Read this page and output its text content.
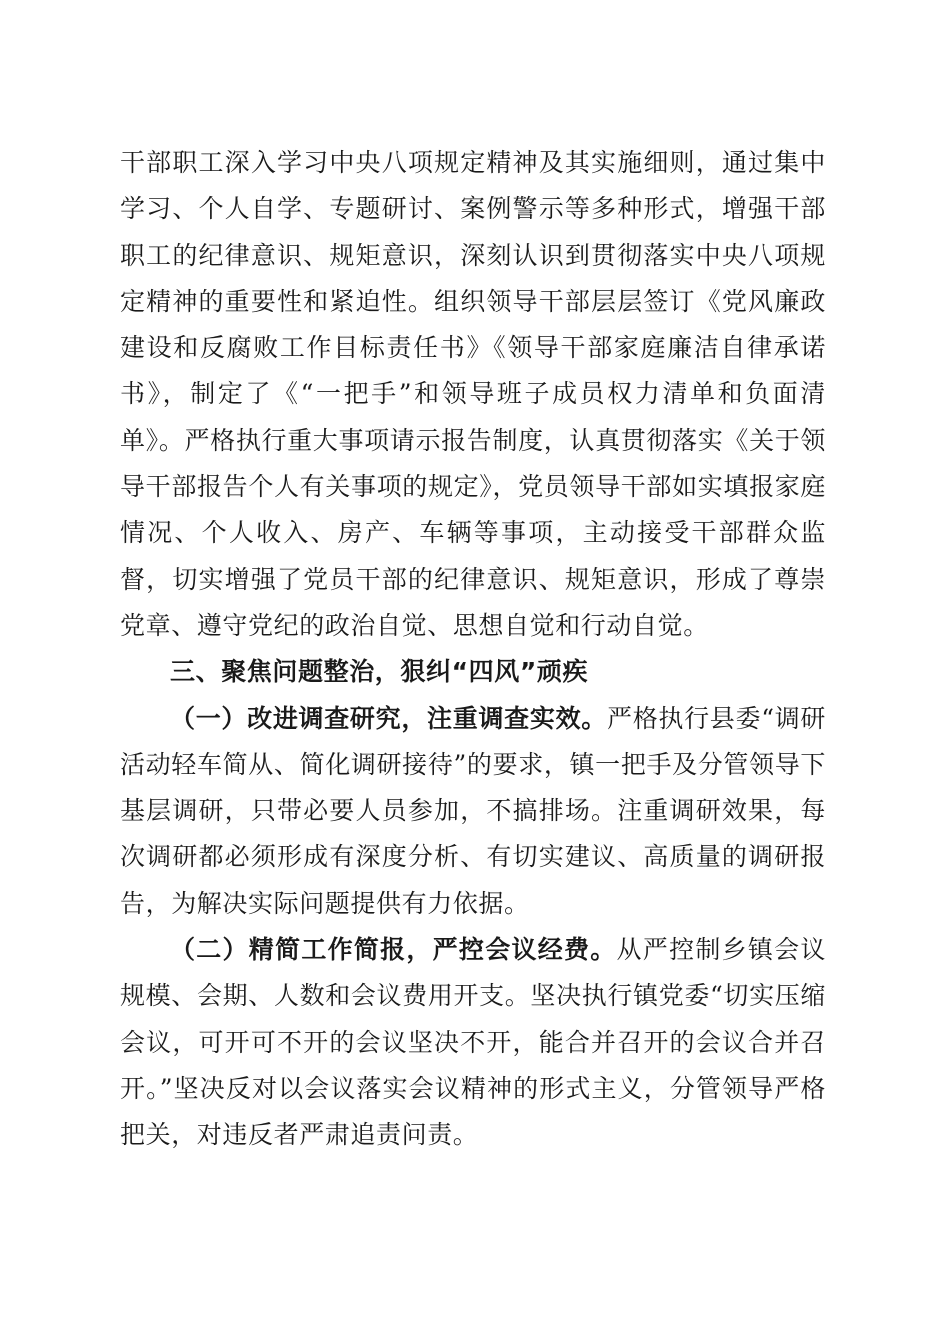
干部职工深入学习中央八项规定精神及其实施细则，通过集中学习、个人自学、专题研讨、案例警示等多种形式，增强干部职工的纪律意识、规矩意识，深刻认识到贯彻落实中央八项规定精神的重要性和紧迫性。组织领导干部层层签订《党风廉政建设和反腐败工作目标责任书》《领导干部家庭廉洁自律承诺书》，制定了《“一把手”和领导班子成员权力清单和负面清单》。严格执行重大事项请示报告制度，认真贯彻落实《关于领导干部报告个人有关事项的规定》，党员领导干部如实填报家庭情况、个人收入、房产、车辆等事项，主动接受干部群众监督，切实增强了党员干部的纪律意识、规矩意识，形成了尊崇党章、遵守党纪的政治自觉、思想自觉和行动自觉。

三、聚焦问题整治，狠纠“四风”顽疾

（一）改进调查研究，注重调查实效。严格执行县委“调研活动轻车简从、简化调研接待”的要求，镇一把手及分管领导下基层调研，只带必要人员参加，不搞排场。注重调研效果，每次调研都必须形成有深度分析、有切实建议、高质量的调研报告，为解决实际问题提供有力依据。

（二）精简工作简报，严控会议经费。从严控制乡镇会议规模、会期、人数和会议费用开支。坚决执行镇党委“切实压缩会议，可开可不开的会议坚决不开，能合并召开的会议合并召开。”坚决反对以会议落实会议精神的形式主义，分管领导严格把关，对违反者严肃追责问责。
